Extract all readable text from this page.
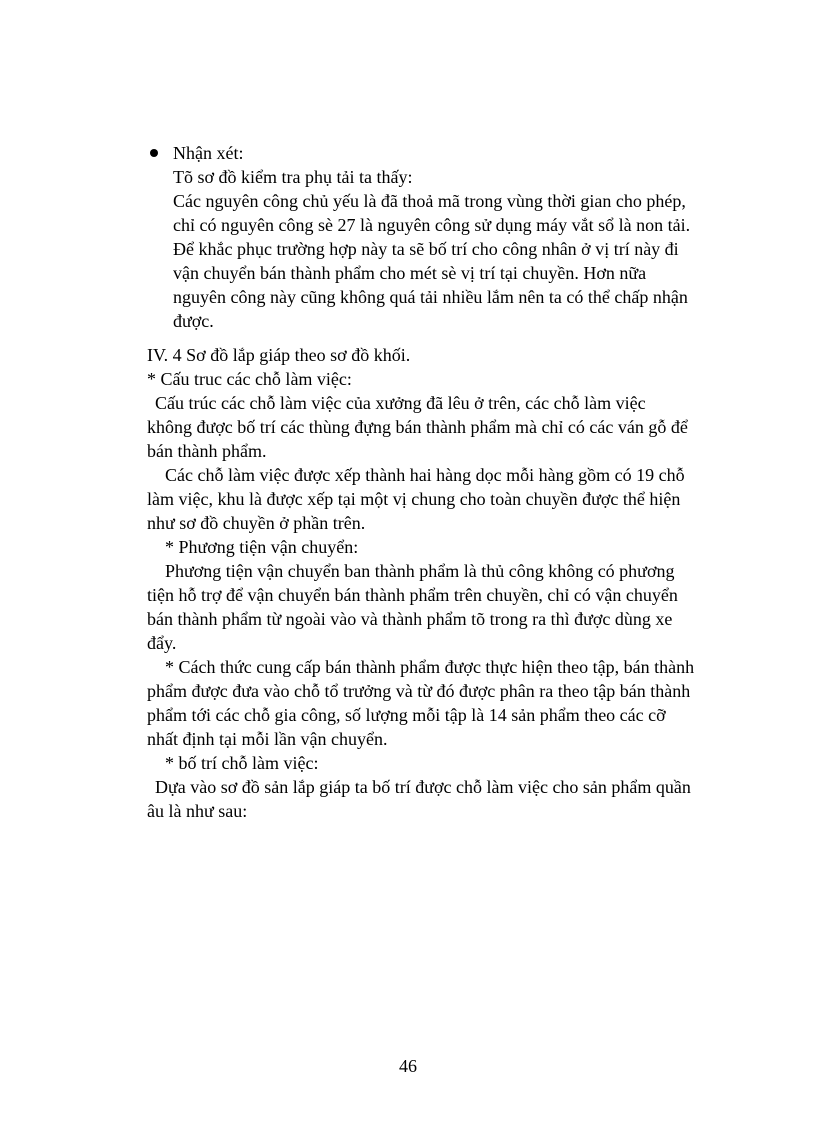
Nhận xét:
Tõ sơ đồ kiểm tra phụ tải ta thấy:
Các nguyên công chủ yếu là đã thoả mã trong vùng thời gian cho phép,
chỉ có nguyên công sè 27 là nguyên công sử dụng máy vắt sổ là non tải.
Để khắc phục trường hợp này ta sẽ bố trí cho công nhân ở vị trí này đi
vận chuyển bán thành phẩm cho mét sè vị trí tại chuyền. Hơn nữa
nguyên công này cũng không quá tải nhiều lắm nên ta có thể chấp nhận
được.
IV. 4 Sơ đồ lắp giáp theo sơ đồ khối.
* Cấu truc các chỗ làm việc:
Cấu trúc các chỗ làm việc của xưởng đã lêu ở trên, các chỗ làm việc
không được bố trí các thùng đựng bán thành phẩm mà chỉ có các ván gỗ để
bán thành phẩm.
Các chỗ làm việc được xếp thành hai hàng dọc mỗi hàng gồm có 19 chỗ
làm việc, khu là được xếp tại một vị chung cho toàn chuyền được thể hiện
như sơ đồ chuyền ở phần trên.
* Phương tiện vận chuyển:
Phương tiện vận chuyển ban thành phẩm là thủ công không có phương
tiện hỗ trợ để vận chuyển bán thành phẩm trên chuyền, chỉ có vận chuyển
bán thành phẩm từ ngoài vào và thành phẩm tõ trong ra thì được dùng xe
đẩy.
* Cách thức cung cấp bán thành phẩm được thực hiện theo tập, bán thành
phẩm được đưa vào chỗ tổ trưởng và từ đó được phân ra theo tập bán thành
phẩm tới các chỗ gia công, số lượng mỗi tập là 14 sản phẩm theo các cỡ
nhất định tại mỗi lần vận chuyển.
* bố trí chỗ làm việc:
Dựa vào sơ đồ sản lắp giáp ta bố trí được chỗ làm việc cho sản phẩm quần
âu là như sau:
46
